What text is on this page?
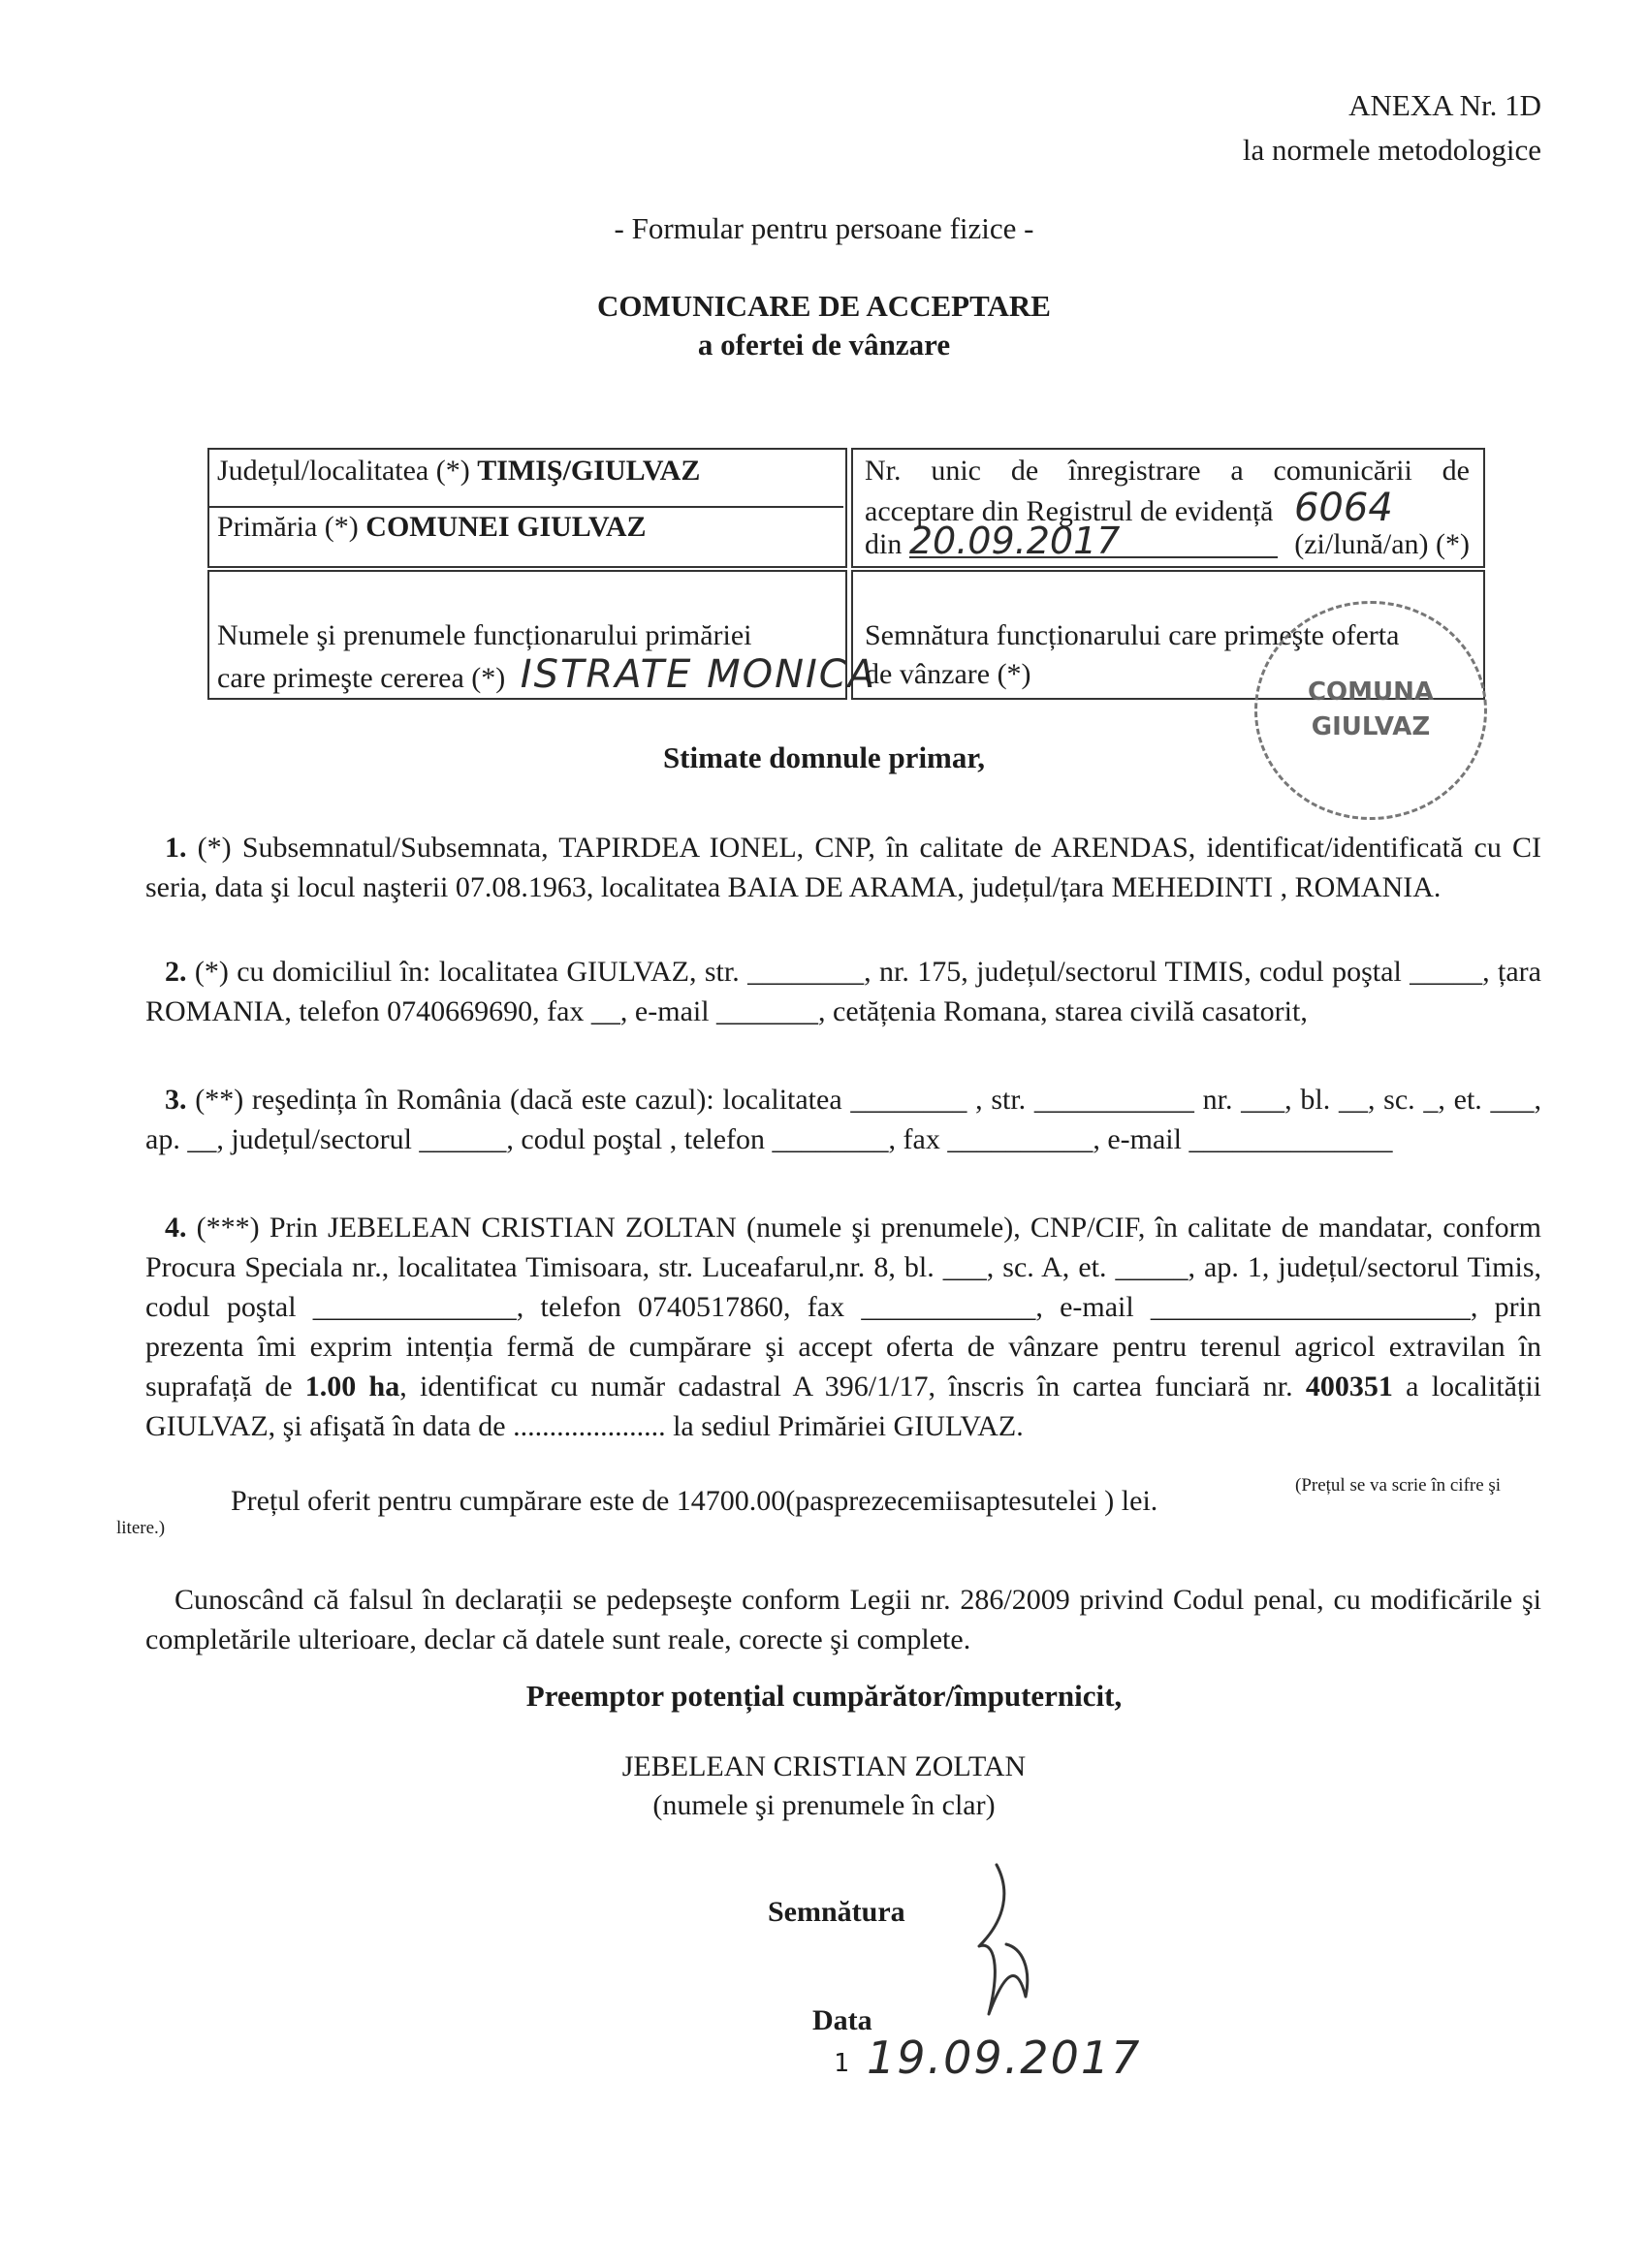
ANEXA Nr. 1D
la normele metodologice
- Formular pentru persoane fizice -
COMUNICARE DE ACCEPTARE
a ofertei de vânzare
Județul/localitatea (*) TIMIŞ/GIULVAZ
Primăria (*) COMUNEI GIULVAZ
Nr. unic de înregistrare a comunicării de
acceptare din Registrul de evidență 6064
din 20.09.2017	(zi/lună/an) (*)
Numele şi prenumele funcționarului primăriei
care primeşte cererea (*) ISTRATE MONICA
Semnătura funcționarului care primeşte oferta
de vânzare (*)
COMUNA
GIULVAZ
Stimate domnule primar,
1. (*) Subsemnatul/Subsemnata, TAPIRDEA IONEL, CNP, în calitate de ARENDAS, identificat/identificată cu CI seria, data şi locul naşterii 07.08.1963, localitatea BAIA DE ARAMA, județul/țara MEHEDINTI , ROMANIA.
2. (*) cu domiciliul în: localitatea GIULVAZ, str. ________, nr. 175, județul/sectorul TIMIS, codul poştal _____, țara ROMANIA, telefon 0740669690, fax __, e-mail _______, cetățenia Romana, starea civilă casatorit,
3. (**) reşedința în România (dacă este cazul): localitatea ________ , str. ___________ nr. ___, bl. __, sc. _, et. ___, ap. __, județul/sectorul ______, codul poştal , telefon ________, fax __________, e-mail ______________
4. (***) Prin JEBELEAN CRISTIAN ZOLTAN (numele şi prenumele), CNP/CIF, în calitate de mandatar, conform Procura Speciala nr., localitatea Timisoara, str. Luceafarul,nr. 8, bl. ___, sc. A, et. _____, ap. 1, județul/sectorul Timis, codul poştal ______________, telefon 0740517860, fax ____________, e-mail ______________________, prin prezenta îmi exprim intenția fermă de cumpărare şi accept oferta de vânzare pentru terenul agricol extravilan în suprafață de 1.00 ha, identificat cu număr cadastral A 396/1/17, înscris în cartea funciară nr. 400351 a localității GIULVAZ, şi afişată în data de ..................... la sediul Primăriei GIULVAZ.
Prețul oferit pentru cumpărare este de 14700.00(pasprezecemiisaptesutelei ) lei.	(Prețul se va scrie în cifre şi
litere.)
Cunoscând că falsul în declarații se pedepseşte conform Legii nr. 286/2009 privind Codul penal, cu modificările şi completările ulterioare, declar că datele sunt reale, corecte şi complete.
Preemptor potențial cumpărător/împuternicit,
JEBELEAN CRISTIAN ZOLTAN
(numele şi prenumele în clar)
Semnătura
Data
1 19.09.2017
